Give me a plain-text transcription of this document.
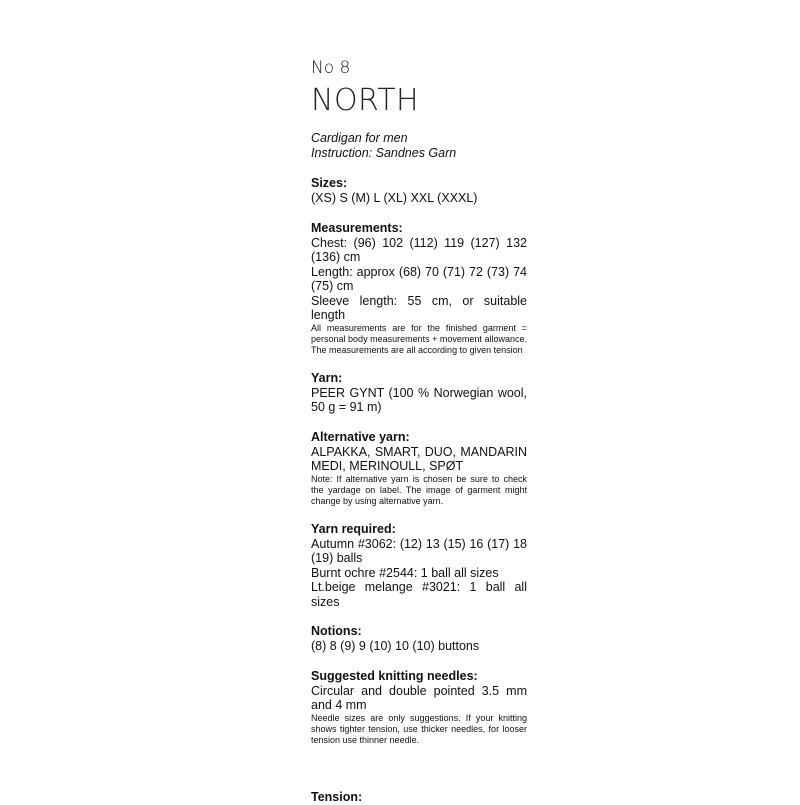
No 8

NORTH

Cardigan for men

Instruction: Sandnes Garn

Sizes:

(XS) S (M) L (XL) XXL (XXXL)

Measurements:

Chest: (96) 102 (112) 119 (127) 132 (136) cm

Length: approx (68) 70 (71) 72 (73) 74 (75) cm

Sleeve length: 55 cm, or suitable length

All measurements are for the finished garment = personal body measurements + movement allowance. The measurements are all according to given tension

Yarn:

PEER GYNT (100 % Norwegian wool, 50 g = 91 m)

Alternative yarn:

ALPAKKA, SMART, DUO, MANDARIN MEDI, MERINOULL, SPØT

Note: If alternative yarn is chosen be sure to check the yardage on label. The image of garment might change by using alternative yarn.

Yarn required:

Autumn #3062: (12) 13 (15) 16 (17) 18 (19) balls

Burnt ochre #2544: 1 ball all sizes

Lt.beige melange #3021: 1 ball all sizes

Notions:

(8) 8 (9) 9 (10) 10 (10) buttons

Suggested knitting needles:

Circular and double pointed 3.5 mm and 4 mm

Needle sizes are only suggestions. If your knitting shows tighter tension, use thicker needles, for looser tension use thinner needle.

Tension:
